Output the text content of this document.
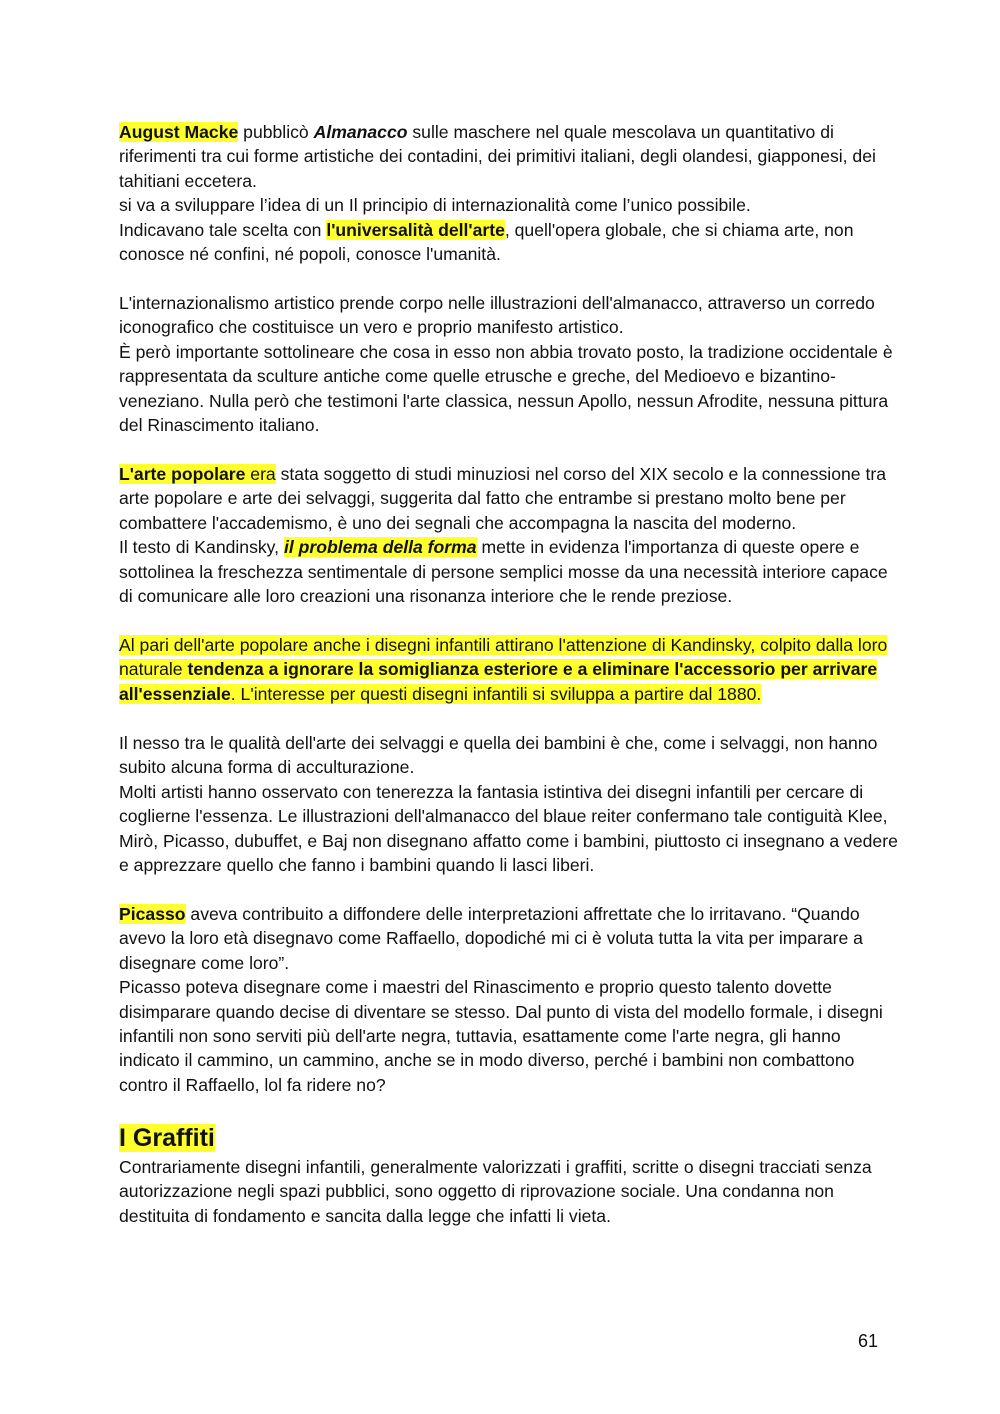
August Macke pubblicò Almanacco sulle maschere nel quale mescolava un quantitativo di
riferimenti tra cui forme artistiche dei contadini, dei primitivi italiani, degli olandesi, giapponesi, dei
tahitiani eccetera.
si va a sviluppare l’idea di un Il principio di internazionalità come l’unico possibile.
Indicavano tale scelta con l'universalità dell'arte, quell'opera globale, che si chiama arte, non
conosce né confini, né popoli, conosce l'umanità.
L'internazionalismo artistico prende corpo nelle illustrazioni dell'almanacco, attraverso un corredo
iconografico che costituisce un vero e proprio manifesto artistico.
È però importante sottolineare che cosa in esso non abbia trovato posto, la tradizione occidentale è
rappresentata da sculture antiche come quelle etrusche e greche, del Medioevo e bizantino-
veneziano. Nulla però che testimoni l'arte classica, nessun Apollo, nessun Afrodite, nessuna pittura
del Rinascimento italiano.
L'arte popolare era stata soggetto di studi minuziosi nel corso del XIX secolo e la connessione tra
arte popolare e arte dei selvaggi, suggerita dal fatto che entrambe si prestano molto bene per
combattere l'accademismo, è uno dei segnali che accompagna la nascita del moderno.
Il testo di Kandinsky, il problema della forma mette in evidenza l'importanza di queste opere e
sottolinea la freschezza sentimentale di persone semplici mosse da una necessità interiore capace
di comunicare alle loro creazioni una risonanza interiore che le rende preziose.
Al pari dell'arte popolare anche i disegni infantili attirano l'attenzione di Kandinsky, colpito dalla loro
naturale tendenza a ignorare la somiglianza esteriore e a eliminare l'accessorio per arrivare
all'essenziale. L'interesse per questi disegni infantili si sviluppa a partire dal 1880.
Il nesso tra le qualità dell'arte dei selvaggi e quella dei bambini è che, come i selvaggi, non hanno
subito alcuna forma di acculturazione.
Molti artisti hanno osservato con tenerezza la fantasia istintiva dei disegni infantili per cercare di
coglierne l'essenza. Le illustrazioni dell'almanacco del blaue reiter confermano tale contiguità Klee,
Mirò, Picasso, dubuffet, e Baj non disegnano affatto come i bambini, piuttosto ci insegnano a vedere
e apprezzare quello che fanno i bambini quando li lasci liberi.
Picasso aveva contribuito a diffondere delle interpretazioni affrettate che lo irritavano. “Quando
avevo la loro età disegnavo come Raffaello, dopodiché mi ci è voluta tutta la vita per imparare a
disegnare come loro”.
Picasso poteva disegnare come i maestri del Rinascimento e proprio questo talento dovette
disimparare quando decise di diventare se stesso. Dal punto di vista del modello formale, i disegni
infantili non sono serviti più dell'arte negra, tuttavia, esattamente come l'arte negra, gli hanno
indicato il cammino, un cammino, anche se in modo diverso, perché i bambini non combattono
contro il Raffaello, lol fa ridere no?
I Graffiti
Contrariamente disegni infantili, generalmente valorizzati i graffiti, scritte o disegni tracciati senza
autorizzazione negli spazi pubblici, sono oggetto di riprovazione sociale. Una condanna non
destituita di fondamento e sancita dalla legge che infatti li vieta.
61
